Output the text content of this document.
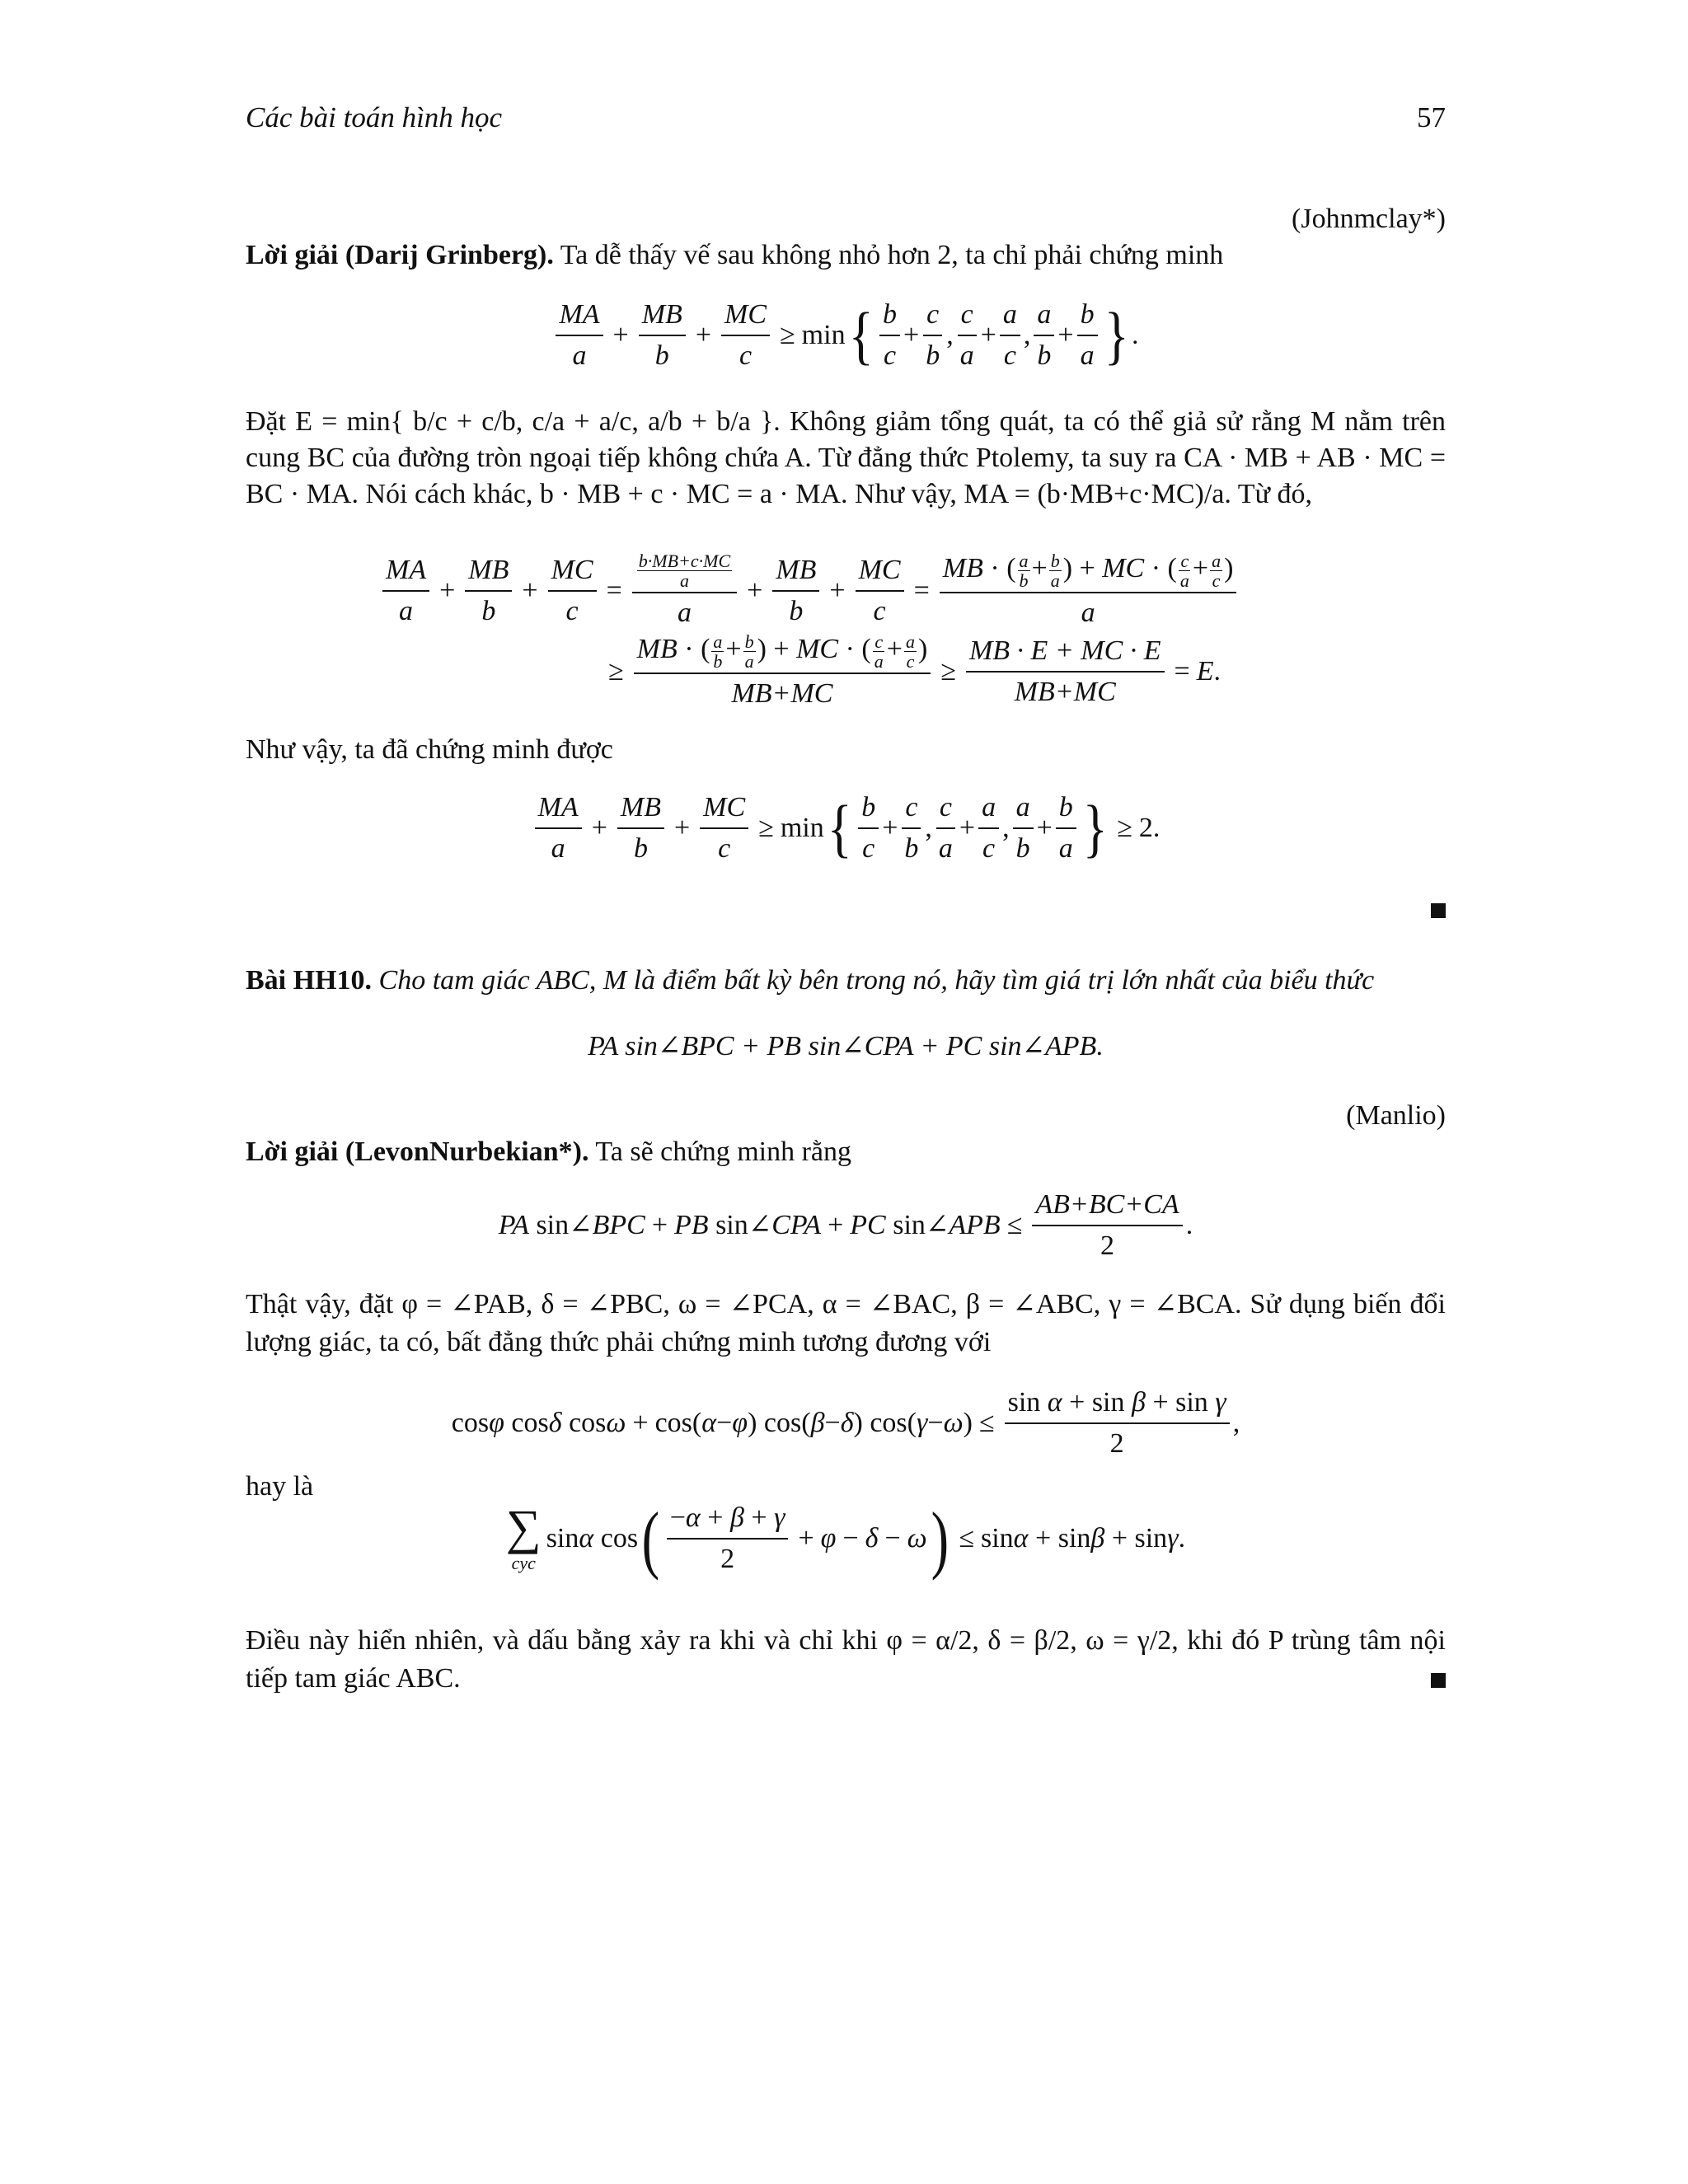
Các bài toán hình học	57
(Johnmclay*)
Lời giải (Darij Grinberg). Ta dễ thấy vế sau không nhỏ hơn 2, ta chỉ phải chứng minh
$\frac{MA}{a} + \frac{MB}{b} + \frac{MC}{c} \ge \min$ { $\frac{b}{c} + \frac{c}{b}$ , $\frac{c}{a} + \frac{a}{c}$ , $\frac{a}{b} + \frac{b}{a}$ } .
Đặt E = min{ b/c + c/b, c/a + a/c, a/b + b/a }. Không giảm tổng quát, ta có thể giả sử rằng M nằm trên cung BC của đường tròn ngoại tiếp không chứa A. Từ đẳng thức Ptolemy, ta suy ra CA · MB + AB · MC = BC · MA. Nói cách khác, b · MB + c · MC = a · MA. Như vậy, MA = (b·MB+c·MC)/a. Từ đó,
$\frac{MA}{a} + \frac{MB}{b} + \frac{MC}{c} = \frac{\frac{b\cdot MB+c\cdot MC}{a}}{a} + \frac{MB}{b} + \frac{MC}{c} = \frac{MB \cdot ( \frac{a}{b} + \frac{b}{a} ) + MC \cdot ( \frac{c}{a} + \frac{a}{c} )}{a}$
≥ $\frac{MB \cdot ( \frac{a}{b} + \frac{b}{a} ) + MC \cdot ( \frac{c}{a} + \frac{a}{c} )}{MB+MC} \ge \frac{MB \cdot E + MC \cdot E}{MB+MC} = E$ .
Như vậy, ta đã chứng minh được
$\frac{MA}{a} + \frac{MB}{b} + \frac{MC}{c} \ge \min$ { $\frac{b}{c} + \frac{c}{b}$ , $\frac{c}{a} + \frac{a}{c}$ , $\frac{a}{b} + \frac{b}{a}$ } ≥ 2.
Bài HH10. Cho tam giác ABC, M là điểm bất kỳ bên trong nó, hãy tìm giá trị lớn nhất của biểu thức
PA sin∠BPC + PB sin∠CPA + PC sin∠APB.
(Manlio)
Lời giải (LevonNurbekian*). Ta sẽ chứng minh rằng
PA sin∠ BPC + PB sin∠ CPA + PC sin∠ APB ≤ $\frac{AB+BC+CA}{2}$ .
Thật vậy, đặt φ = ∠PAB, δ = ∠PBC, ω = ∠PCA, α = ∠BAC, β = ∠ABC, γ = ∠BCA. Sử dụng biến đổi lượng giác, ta có, bất đẳng thức phải chứng minh tương đương với
cos φ cos δ cos ω + cos( α − φ ) cos( β − δ ) cos( γ − ω ) ≤ $\frac{\text{sin α + sin β + sin γ}}{2}$ ,
hay là
∑
cyc
sin α cos ( $\frac{-\alpha + \beta + \gamma}{2} + \varphi - \delta - \omega$ ) ≤ sin α + sin β + sin γ .
Điều này hiển nhiên, và dấu bằng xảy ra khi và chỉ khi φ = α/2, δ = β/2, ω = γ/2, khi đó P trùng tâm nội tiếp tam giác ABC.
